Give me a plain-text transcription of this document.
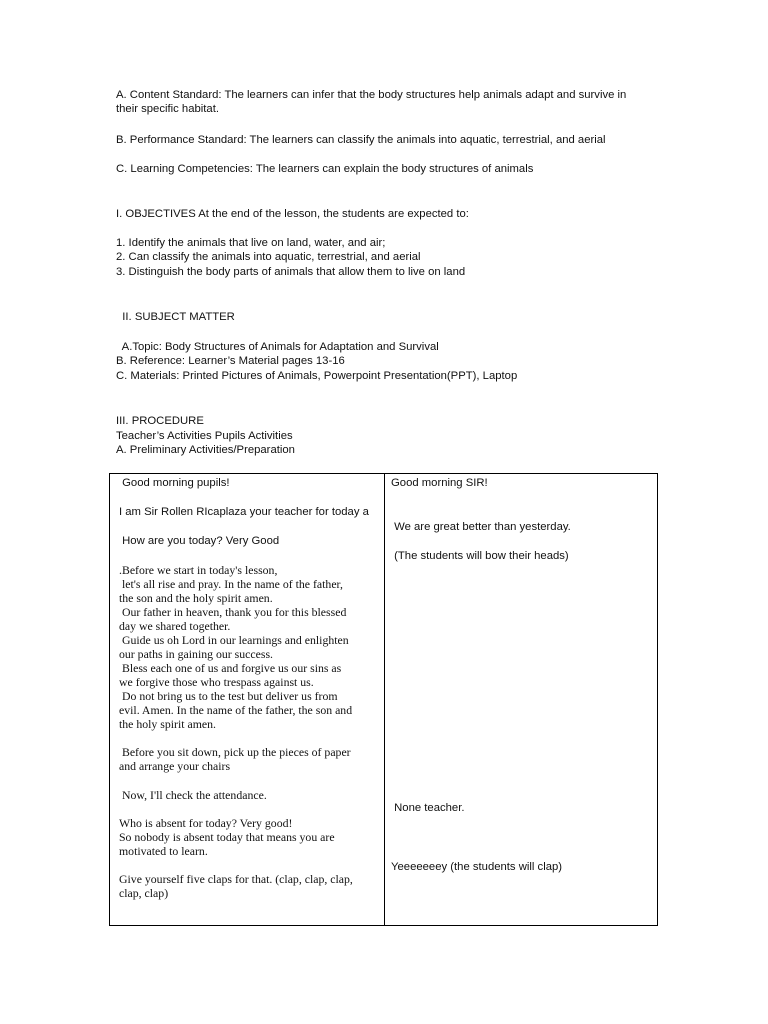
A. Content Standard: The learners can infer that the body structures help animals adapt and survive in
their specific habitat.
B. Performance Standard: The learners can classify the animals into aquatic, terrestrial, and aerial
C. Learning Competencies: The learners can explain the body structures of animals
I. OBJECTIVES At the end of the lesson, the students are expected to:
1. Identify the animals that live on land, water, and air;
2. Can classify the animals into aquatic, terrestrial, and aerial
3. Distinguish the body parts of animals that allow them to live on land
II. SUBJECT MATTER
A.Topic: Body Structures of Animals for Adaptation and Survival
B. Reference: Learner’s Material pages 13-16
C. Materials: Printed Pictures of Animals, Powerpoint Presentation(PPT), Laptop
III. PROCEDURE
Teacher’s Activities Pupils Activities
A. Preliminary Activities/Preparation
Good morning pupils!
I am Sir Rollen RIcaplaza your teacher for today a
How are you today? Very Good
.Before we start in today's lesson,
let's all rise and pray. In the name of the father,
the son and the holy spirit amen.
Our father in heaven, thank you for this blessed
day we shared together.
Guide us oh Lord in our learnings and enlighten
our paths in gaining our success.
Bless each one of us and forgive us our sins as
we forgive those who trespass against us.
Do not bring us to the test but deliver us from
evil. Amen. In the name of the father, the son and
the holy spirit amen.
Before you sit down, pick up the pieces of paper
and arrange your chairs
Now, I'll check the attendance.
Who is absent for today? Very good!
So nobody is absent today that means you are
motivated to learn.
Give yourself five claps for that. (clap, clap, clap,
clap, clap)
Good morning SIR!
We are great better than yesterday.
(The students will bow their heads)
None teacher.
Yeeeeeeey (the students will clap)
